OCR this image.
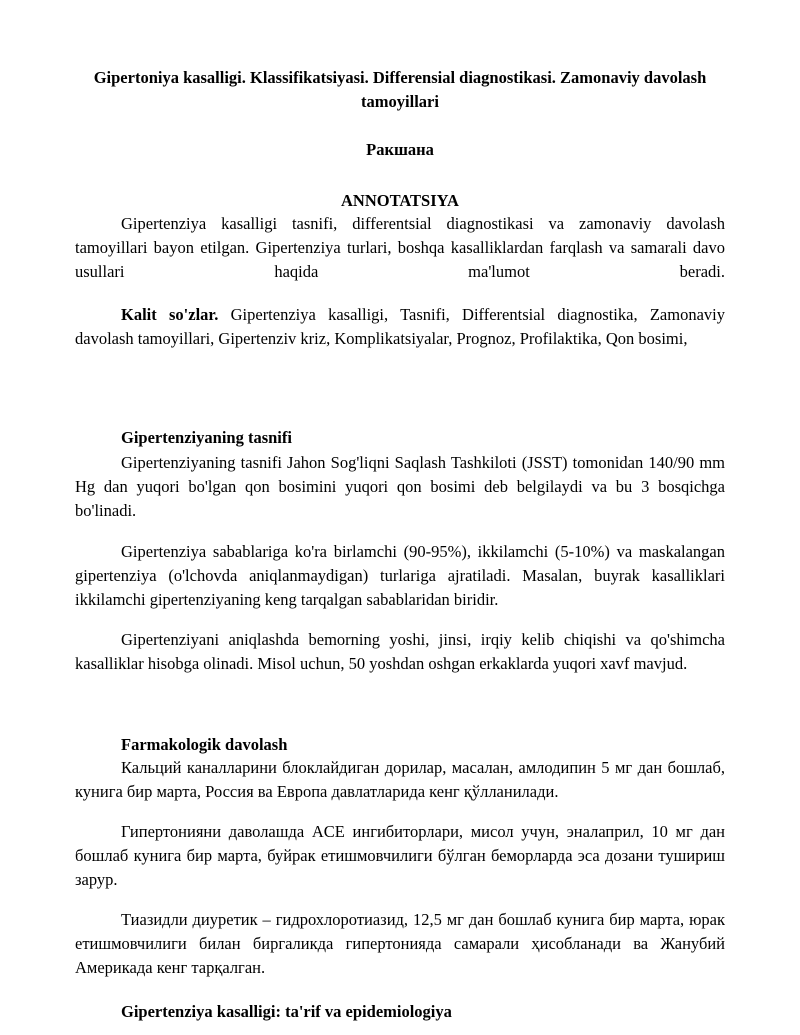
Gipertoniya kasalligi. Klassifikatsiyasi. Differensial diagnostikasi. Zamonaviy davolash tamoyillari
Ракшана
ANNOTATSIYA

Gipertenziya kasalligi tasnifi, differentsial diagnostikasi va zamonaviy davolash tamoyillari bayon etilgan. Gipertenziya turlari, boshqa kasalliklardan farqlash va samarali davo usullari haqida ma'lumot beradi.

Kalit so'zlar. Gipertenziya kasalligi, Tasnifi, Differentsial diagnostika, Zamonaviy davolash tamoyillari, Gipertenziv kriz, Komplikatsiyalar, Prognoz, Profilaktika, Qon bosimi,

Gipertenziyaning tasnifi

Gipertenziyaning tasnifi Jahon Sog'liqni Saqlash Tashkiloti (JSST) tomonidan 140/90 mm Hg dan yuqori bo'lgan qon bosimini yuqori qon bosimi deb belgilaydi va bu 3 bosqichga bo'linadi.

Gipertenziya sabablariga ko'ra birlamchi (90-95%), ikkilamchi (5-10%) va maskalangan gipertenziya (o'lchovda aniqlanmaydigan) turlariga ajratiladi. Masalan, buyrak kasalliklari ikkilamchi gipertenziyaning keng tarqalgan sabablaridan biridir.

Gipertenziyani aniqlashda bemorning yoshi, jinsi, irqiy kelib chiqishi va qo'shimcha kasalliklar hisobga olinadi. Misol uchun, 50 yoshdan oshgan erkaklarda yuqori xavf mavjud.

Farmakologik davolash

Кальций каналларини блоклайдиган дорилар, масалан, амлодипин 5 мг дан бошлаб, кунига бир марта, Россия ва Европа давлатларида кенг қўлланилади.

Гипертонияни даволашда ACE ингибиторлари, мисол учун, эналаприл, 10 мг дан бошлаб кунига бир марта, буйрак етишмовчилиги бўлган беморларда эса дозани тушириш зарур.

Тиазидли диуретик – гидрохлоротиазид, 12,5 мг дан бошлаб кунига бир марта, юрак етишмовчилиги билан биргаликда гипертонияда самарали ҳисобланади ва Жанубий Америкада кенг тарқалган.

Gipertenziya kasalligi: ta'rif va epidemiologiya
